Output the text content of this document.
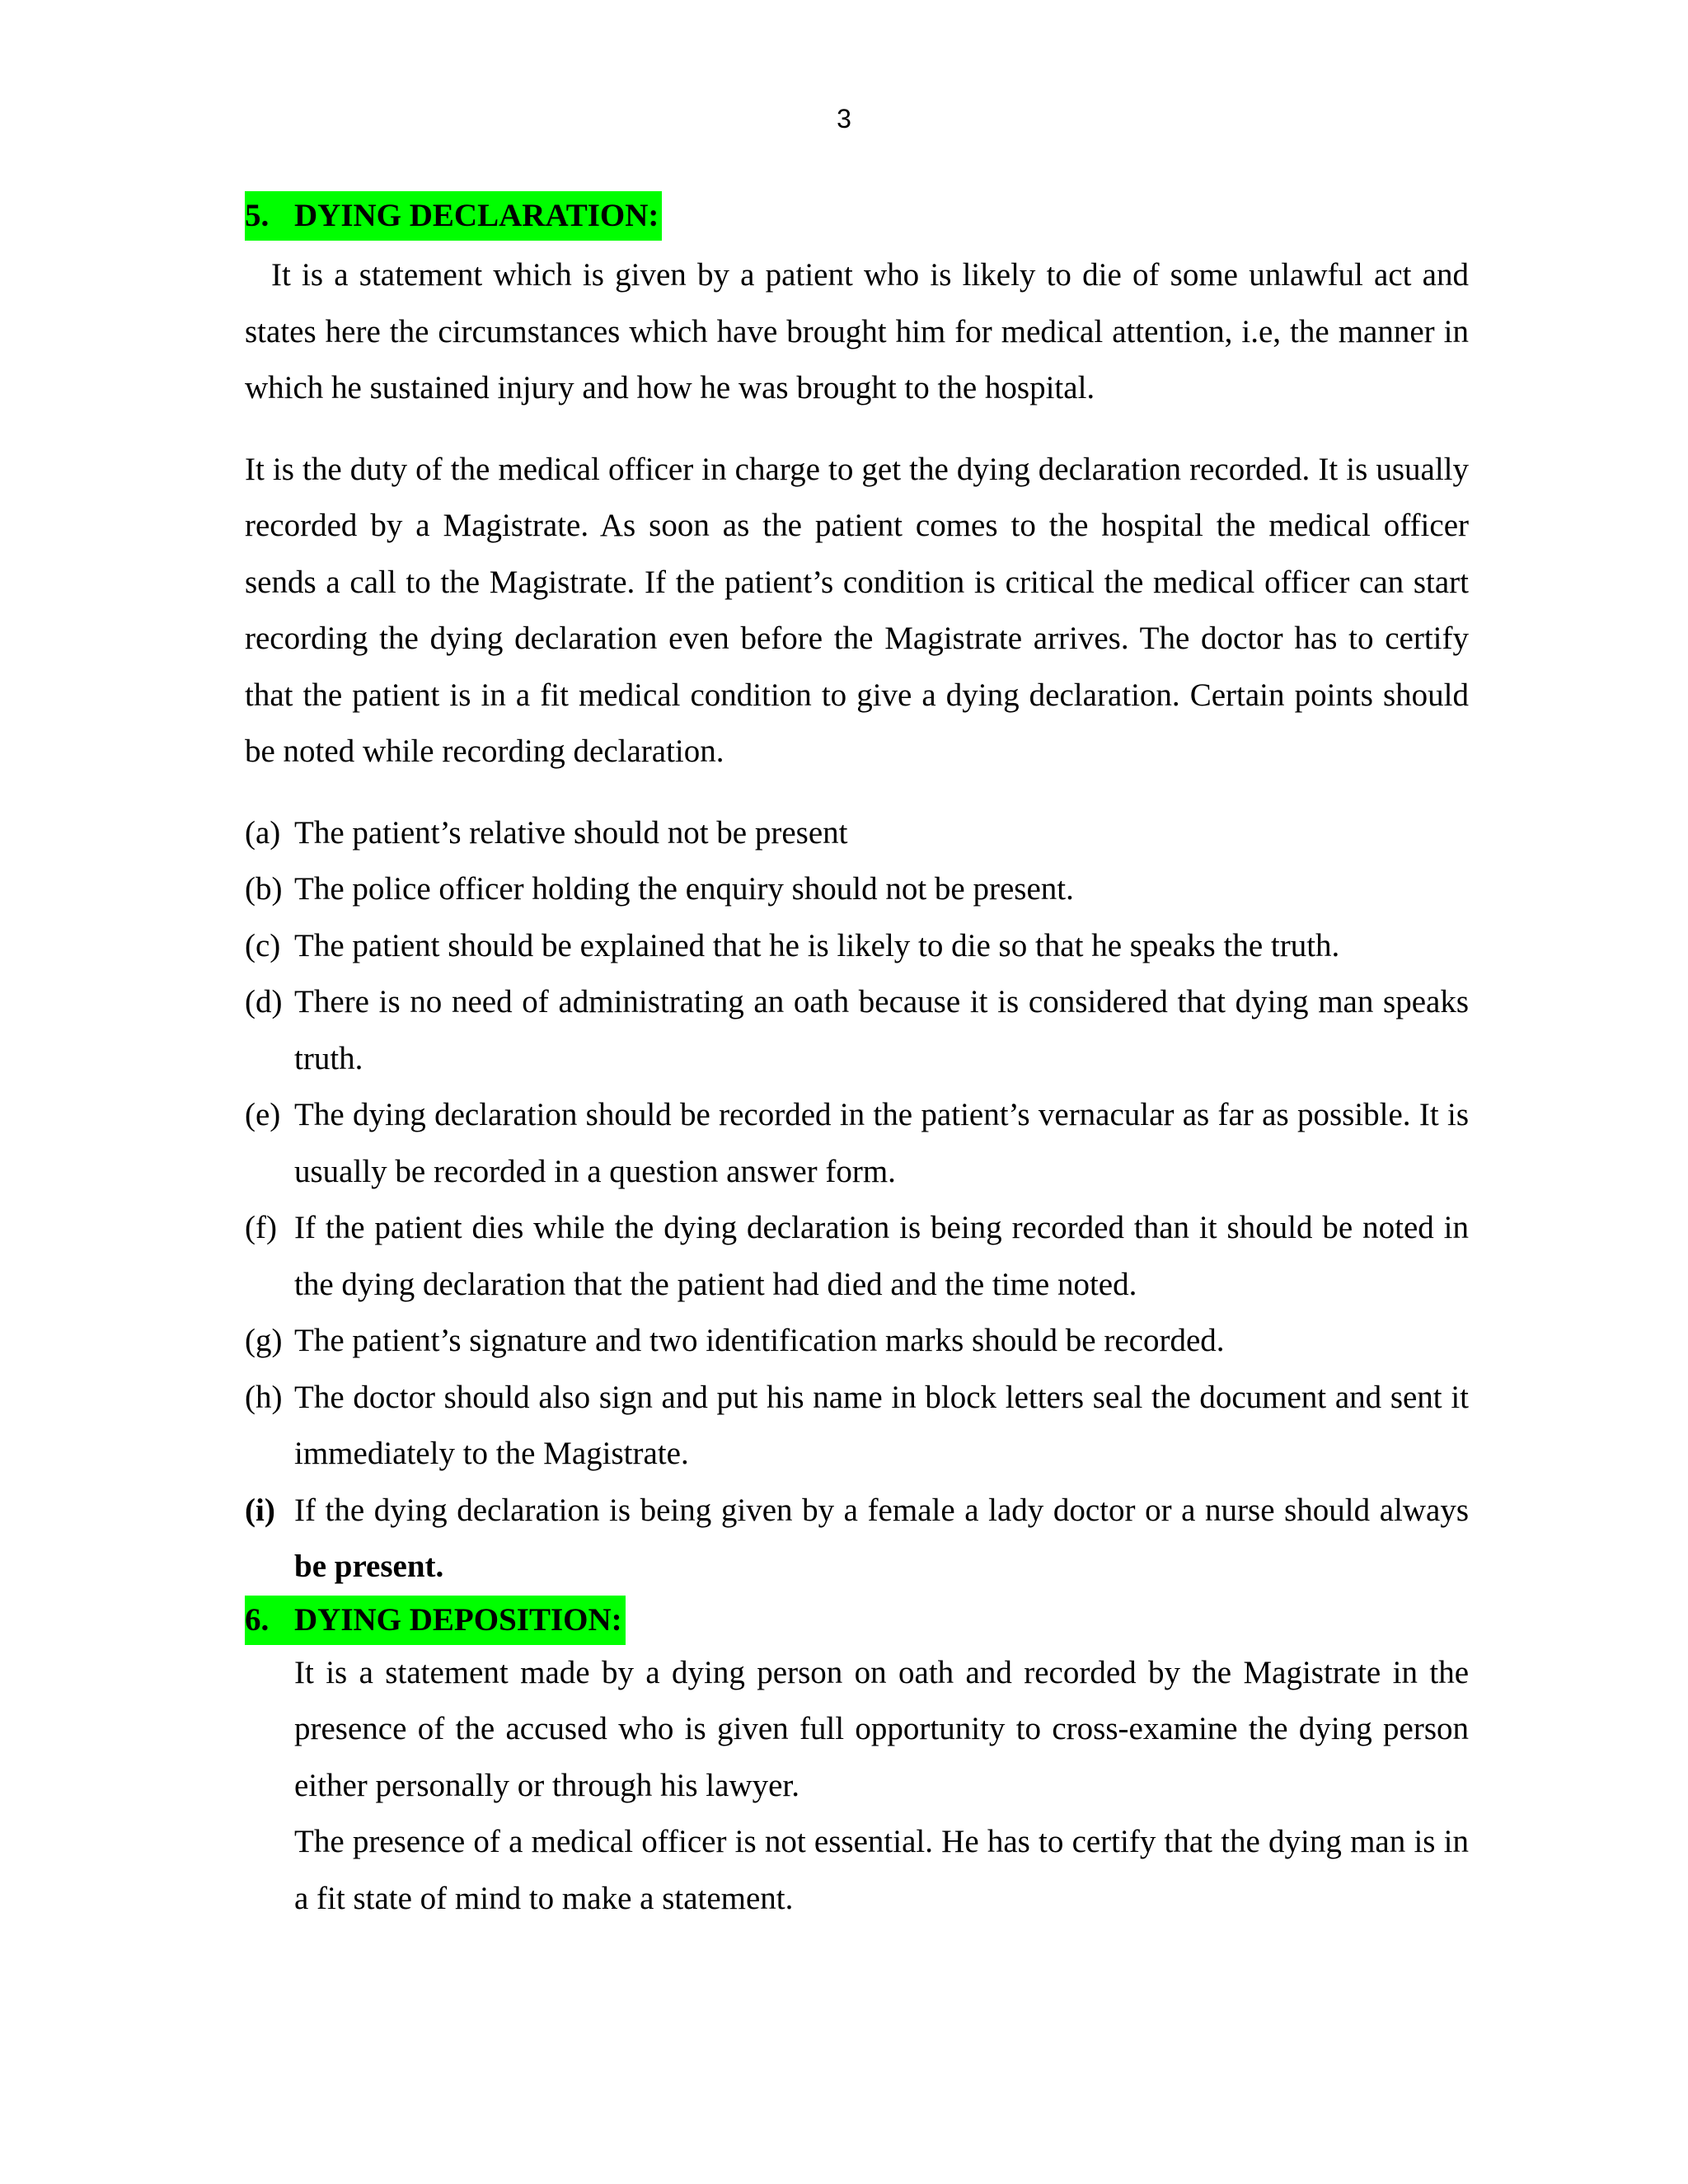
3
5. DYING DECLARATION:

It is a statement which is given by a patient who is likely to die of some unlawful act and states here the circumstances which have brought him for medical attention, i.e, the manner in which he sustained injury and how he was brought to the hospital.

It is the duty of the medical officer in charge to get the dying declaration recorded. It is usually recorded by a Magistrate. As soon as the patient comes to the hospital the medical officer sends a call to the Magistrate. If the patient’s condition is critical the medical officer can start recording the dying declaration even before the Magistrate arrives. The doctor has to certify that the patient is in a fit medical condition to give a dying declaration. Certain points should be noted while recording declaration.

(a) The patient’s relative should not be present
(b) The police officer holding the enquiry should not be present.
(c) The patient should be explained that he is likely to die so that he speaks the truth.
(d) There is no need of administrating an oath because it is considered that dying man speaks truth.
(e) The dying declaration should be recorded in the patient’s vernacular as far as possible. It is usually be recorded in a question answer form.
(f) If the patient dies while the dying declaration is being recorded than it should be noted in the dying declaration that the patient had died and the time noted.
(g) The patient’s signature and two identification marks should be recorded.
(h) The doctor should also sign and put his name in block letters seal the document and sent it immediately to the Magistrate.
(i) If the dying declaration is being given by a female a lady doctor or a nurse should always be present.
6. DYING DEPOSITION:

It is a statement made by a dying person on oath and recorded by the Magistrate in the presence of the accused who is given full opportunity to cross-examine the dying person either personally or through his lawyer.

The presence of a medical officer is not essential. He has to certify that the dying man is in a fit state of mind to make a statement.
